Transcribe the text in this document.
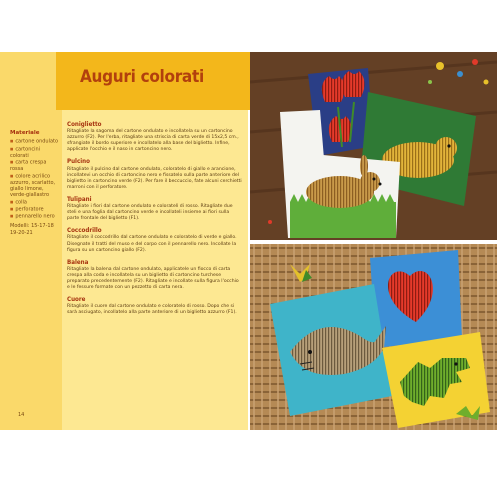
Auguri colorati
Materiale
■ cartone ondulato
■ cartoncini colorati
■ carta crespa rossa
■ colore acrilico azzurro, scarlatto, giallo limone, verde-giallastro
■ colla
■ perforatore
■ pennarello nero
Modelli: 15-17-18 19-20-21
Coniglietto

Ritagliate la sagoma del cartone ondulato e incollatela su un cartoncino azzurro (F2). Per l'erba, ritagliate una striscia di carta verde di 15x2,5 cm., sfrangiate il bordo superiore e incollatelo alla base del biglietto. Infine, applicate l'occhio e il naso in cartoncino nero.

Pulcino

Ritagliate il pulcino dal cartone ondulato, coloratelo di giallo e arancione, incollatevi un occhio di cartoncino nero e fissatelo sulla parte anteriore del biglietto in cartoncino verde (F2). Per fare il beccuccio, fate alcuni cerchietti marroni con il perforatore.

Tulipani

Ritagliate i fiori dal cartone ondulato e coloratelì di rosso. Ritagliate due steli e una foglia dal cartoncino verde e incollateli insieme ai fiori sulla parte frontale del biglietto (F1).

Coccodrillo

Ritagliate il coccodrillo dal cartone ondulato e coloratelo di verde e giallo. Disegnate il tratti del muso e del corpo con il pennarello nero. Incollate la figura su un cartoncino giallo (F2).

Balena

Ritagliate la balena dal cartone ondulato, applicatele un fiocco di carta crespa alla coda e incollatela su un biglietto di cartoncino turchese preparato precedentemente (F2). Ritagliate e incollate sulla figura l'occhio e le fessure formate con un pezzetto di carta nera.

Cuore

Ritagliate il cuore dal cartone ondulato e coloratelo di rosso. Dopo che si sarà asciugato, incollatelo alla parte anteriore di un biglietto azzurro (F1).

14
